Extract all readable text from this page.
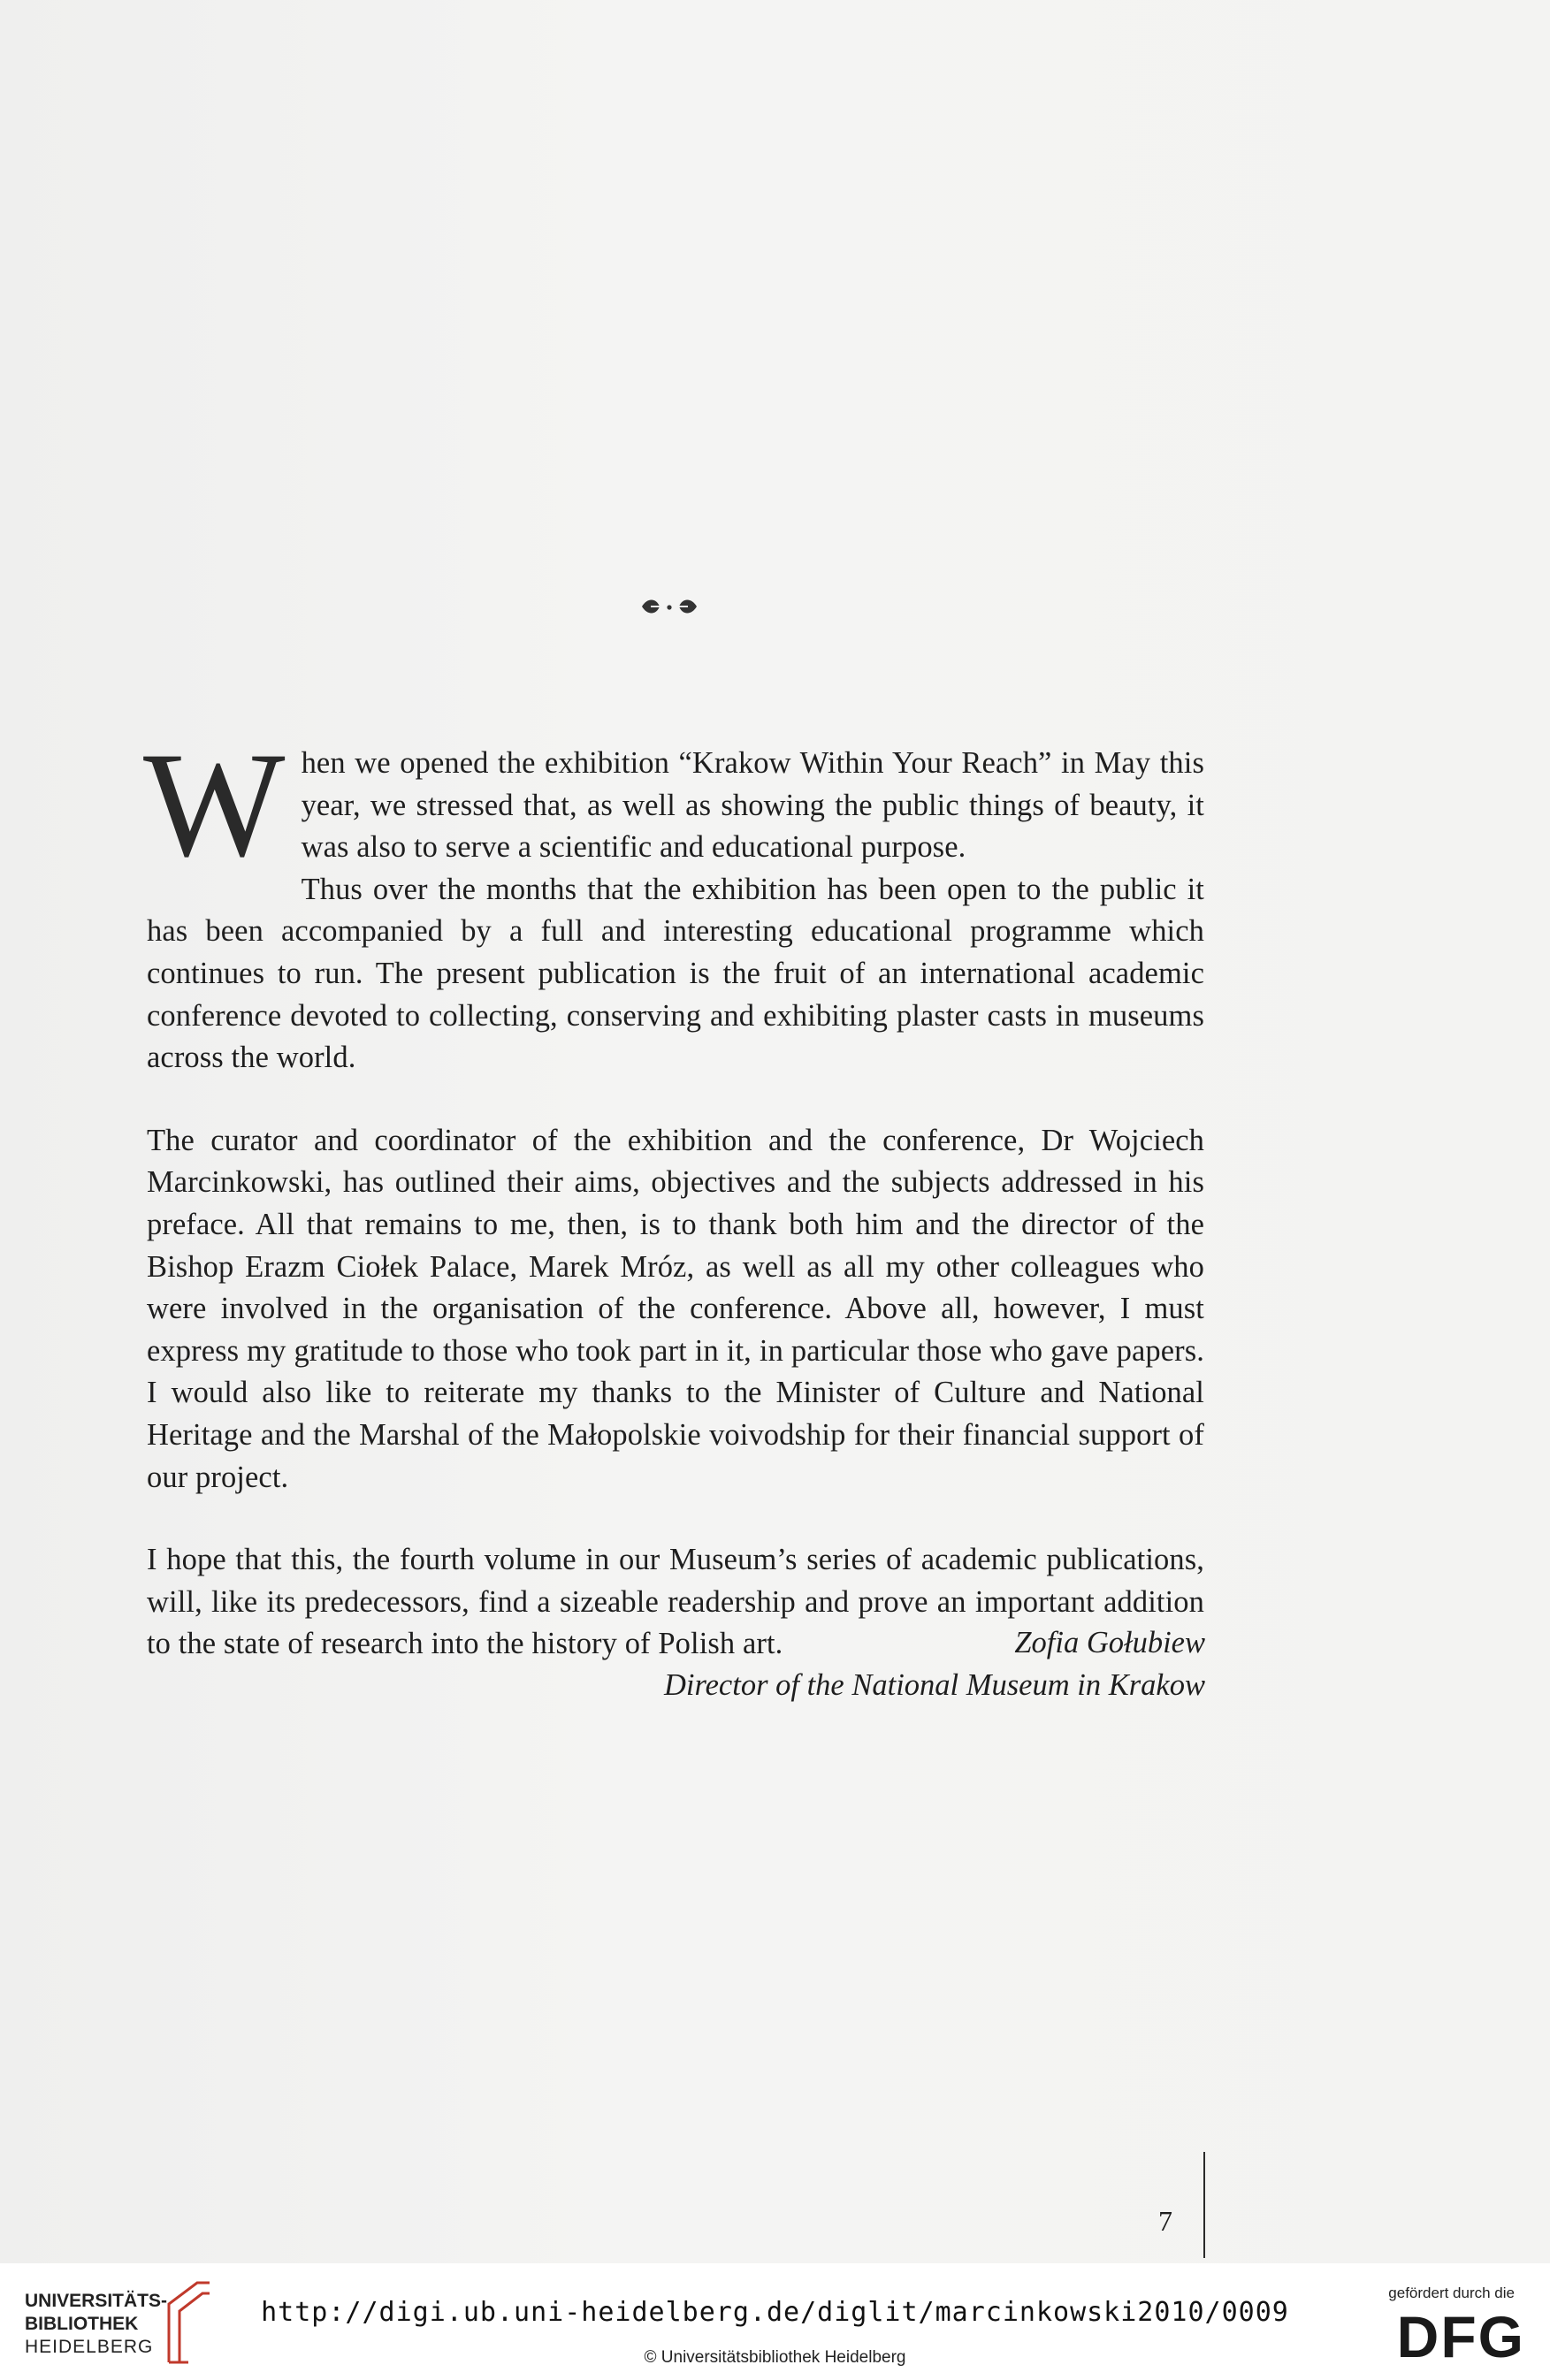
When we opened the exhibition “Krakow Within Your Reach” in May this year, we stressed that, as well as showing the public things of beauty, it was also to serve a scientific and educational purpose.

Thus over the months that the exhibition has been open to the public it has been accompanied by a full and interesting educational programme which continues to run. The present publication is the fruit of an international academic conference devoted to collecting, conserving and exhibiting plaster casts in museums across the world.

The curator and coordinator of the exhibition and the conference, Dr Wojciech Marcinkowski, has outlined their aims, objectives and the subjects addressed in his preface. All that remains to me, then, is to thank both him and the director of the Bishop Erazm Ciołek Palace, Marek Mróz, as well as all my other colleagues who were involved in the organisation of the conference. Above all, however, I must express my gratitude to those who took part in it, in particular those who gave papers. I would also like to reiterate my thanks to the Minister of Culture and National Heritage and the Marshal of the Małopolskie voivodship for their financial support of our project.

I hope that this, the fourth volume in our Museum’s series of academic publications, will, like its predecessors, find a sizeable readership and prove an important addition to the state of research into the history of Polish art.	Zofia Gołubiew
Director of the National Museum in Krakow
7
UNIVERSITÄTS-
BIBLIOTHEK
HEIDELBERG
http://digi.ub.uni-heidelberg.de/diglit/marcinkowski2010/0009
© Universitätsbibliothek Heidelberg
gefördert durch die
DFG
